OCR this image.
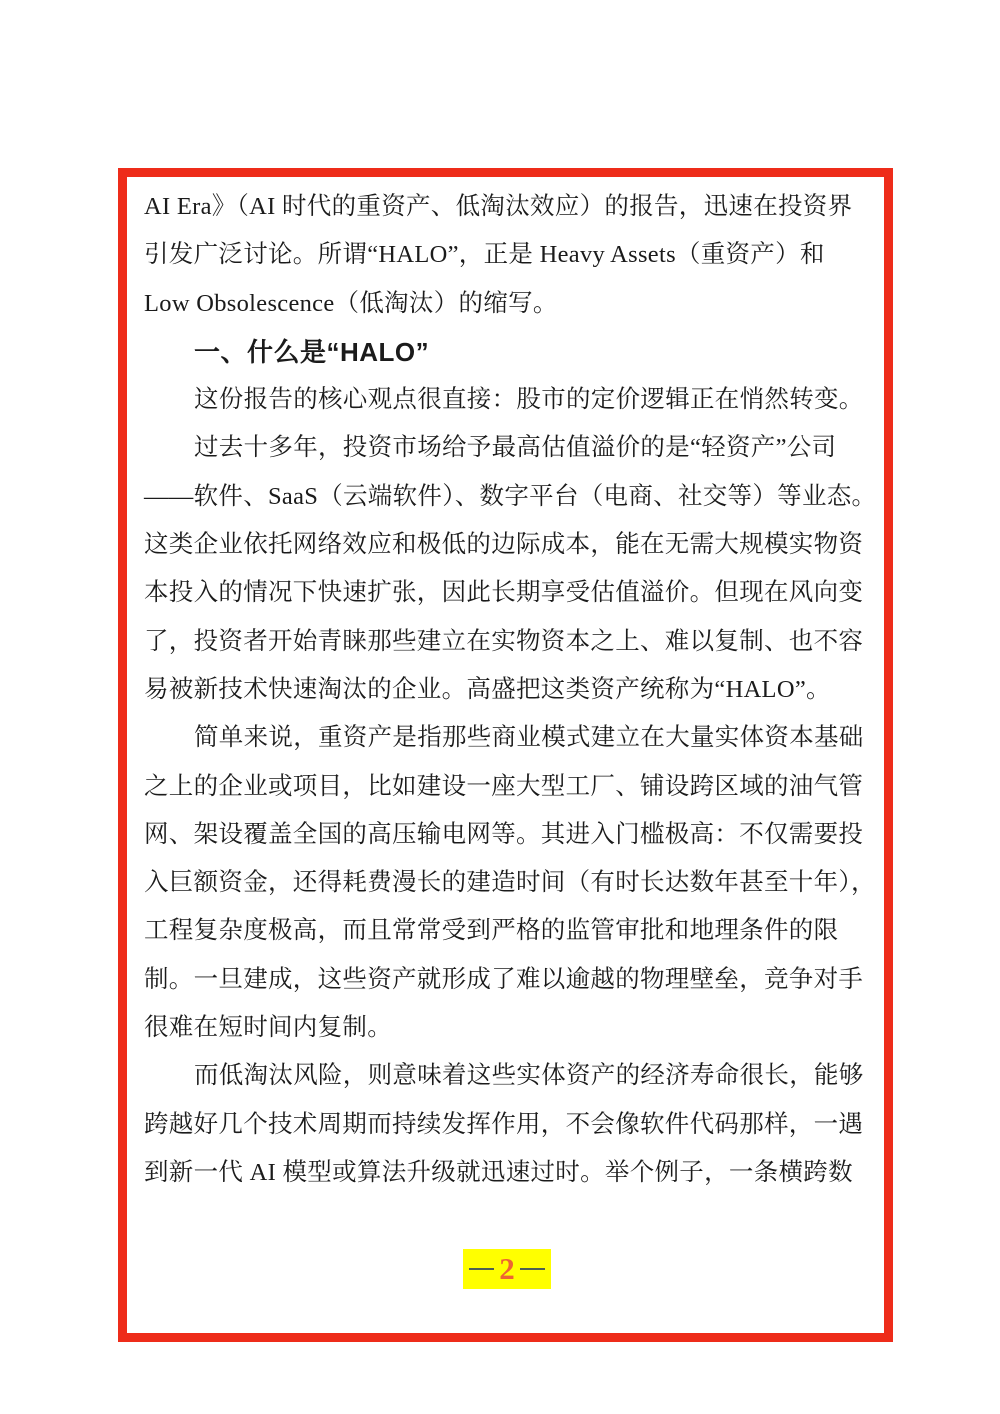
AI Era》（AI 时代的重资产、低淘汰效应）的报告，迅速在投资界
引发广泛讨论。所谓“HALO”，正是 Heavy Assets（重资产）和
Low Obsolescence（低淘汰）的缩写。
一、什么是“HALO”
这份报告的核心观点很直接：股市的定价逻辑正在悄然转变。
过去十多年，投资市场给予最高估值溢价的是“轻资产”公司
——软件、SaaS（云端软件）、数字平台（电商、社交等）等业态。
这类企业依托网络效应和极低的边际成本，能在无需大规模实物资
本投入的情况下快速扩张，因此长期享受估值溢价。但现在风向变
了，投资者开始青睐那些建立在实物资本之上、难以复制、也不容
易被新技术快速淘汰的企业。高盛把这类资产统称为“HALO”。
简单来说，重资产是指那些商业模式建立在大量实体资本基础
之上的企业或项目，比如建设一座大型工厂、铺设跨区域的油气管
网、架设覆盖全国的高压输电网等。其进入门槛极高：不仅需要投
入巨额资金，还得耗费漫长的建造时间（有时长达数年甚至十年），
工程复杂度极高，而且常常受到严格的监管审批和地理条件的限
制。一旦建成，这些资产就形成了难以逾越的物理壁垒，竞争对手
很难在短时间内复制。
而低淘汰风险，则意味着这些实体资产的经济寿命很长，能够
跨越好几个技术周期而持续发挥作用，不会像软件代码那样，一遇
到新一代 AI 模型或算法升级就迅速过时。举个例子，一条横跨数
2
